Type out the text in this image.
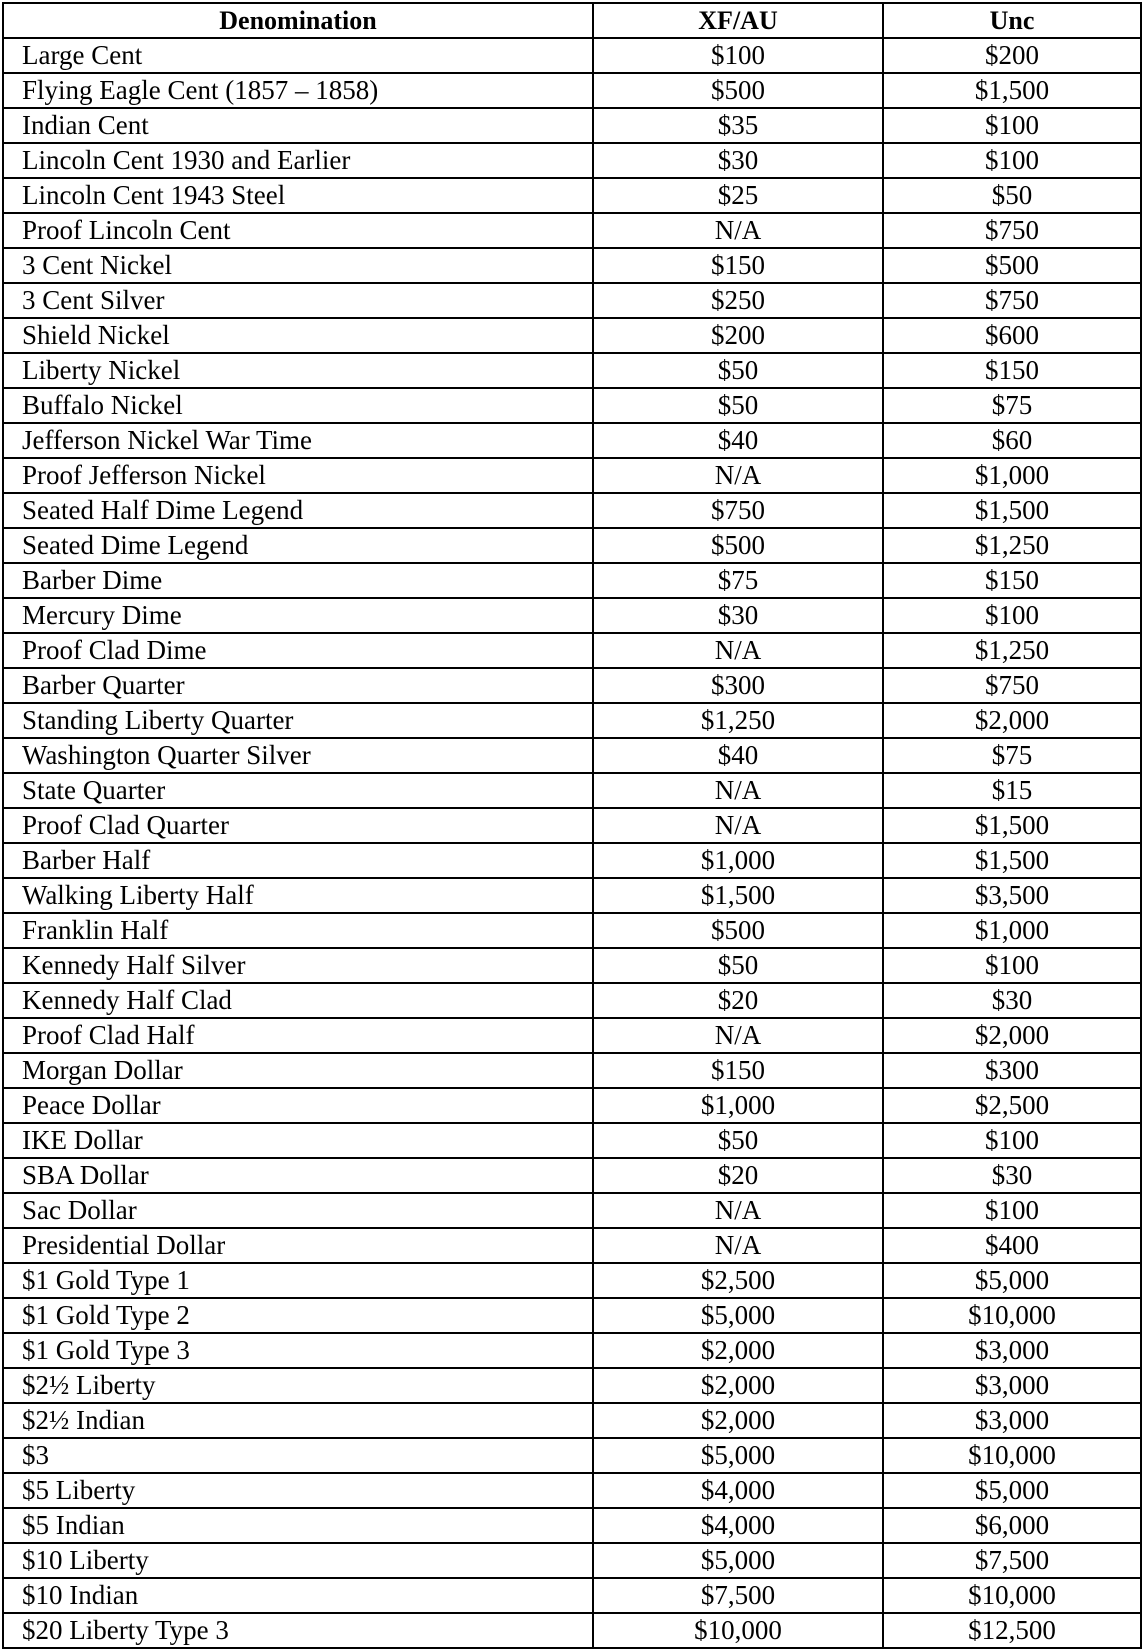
Denomination	XF/AU	Unc
Large Cent	$100	$200
Flying Eagle Cent (1857 – 1858)	$500	$1,500
Indian Cent	$35	$100
Lincoln Cent 1930 and Earlier	$30	$100
Lincoln Cent 1943 Steel	$25	$50
Proof Lincoln Cent	N/A	$750
3 Cent Nickel	$150	$500
3 Cent Silver	$250	$750
Shield Nickel	$200	$600
Liberty Nickel	$50	$150
Buffalo Nickel	$50	$75
Jefferson Nickel War Time	$40	$60
Proof Jefferson Nickel	N/A	$1,000
Seated Half Dime Legend	$750	$1,500
Seated Dime Legend	$500	$1,250
Barber Dime	$75	$150
Mercury Dime	$30	$100
Proof Clad Dime	N/A	$1,250
Barber Quarter	$300	$750
Standing Liberty Quarter	$1,250	$2,000
Washington Quarter Silver	$40	$75
State Quarter	N/A	$15
Proof Clad Quarter	N/A	$1,500
Barber Half	$1,000	$1,500
Walking Liberty Half	$1,500	$3,500
Franklin Half	$500	$1,000
Kennedy Half Silver	$50	$100
Kennedy Half Clad	$20	$30
Proof Clad Half	N/A	$2,000
Morgan Dollar	$150	$300
Peace Dollar	$1,000	$2,500
IKE Dollar	$50	$100
SBA Dollar	$20	$30
Sac Dollar	N/A	$100
Presidential Dollar	N/A	$400
$1 Gold Type 1	$2,500	$5,000
$1 Gold Type 2	$5,000	$10,000
$1 Gold Type 3	$2,000	$3,000
$2½ Liberty	$2,000	$3,000
$2½ Indian	$2,000	$3,000
$3	$5,000	$10,000
$5 Liberty	$4,000	$5,000
$5 Indian	$4,000	$6,000
$10 Liberty	$5,000	$7,500
$10 Indian	$7,500	$10,000
$20 Liberty Type 3	$10,000	$12,500
